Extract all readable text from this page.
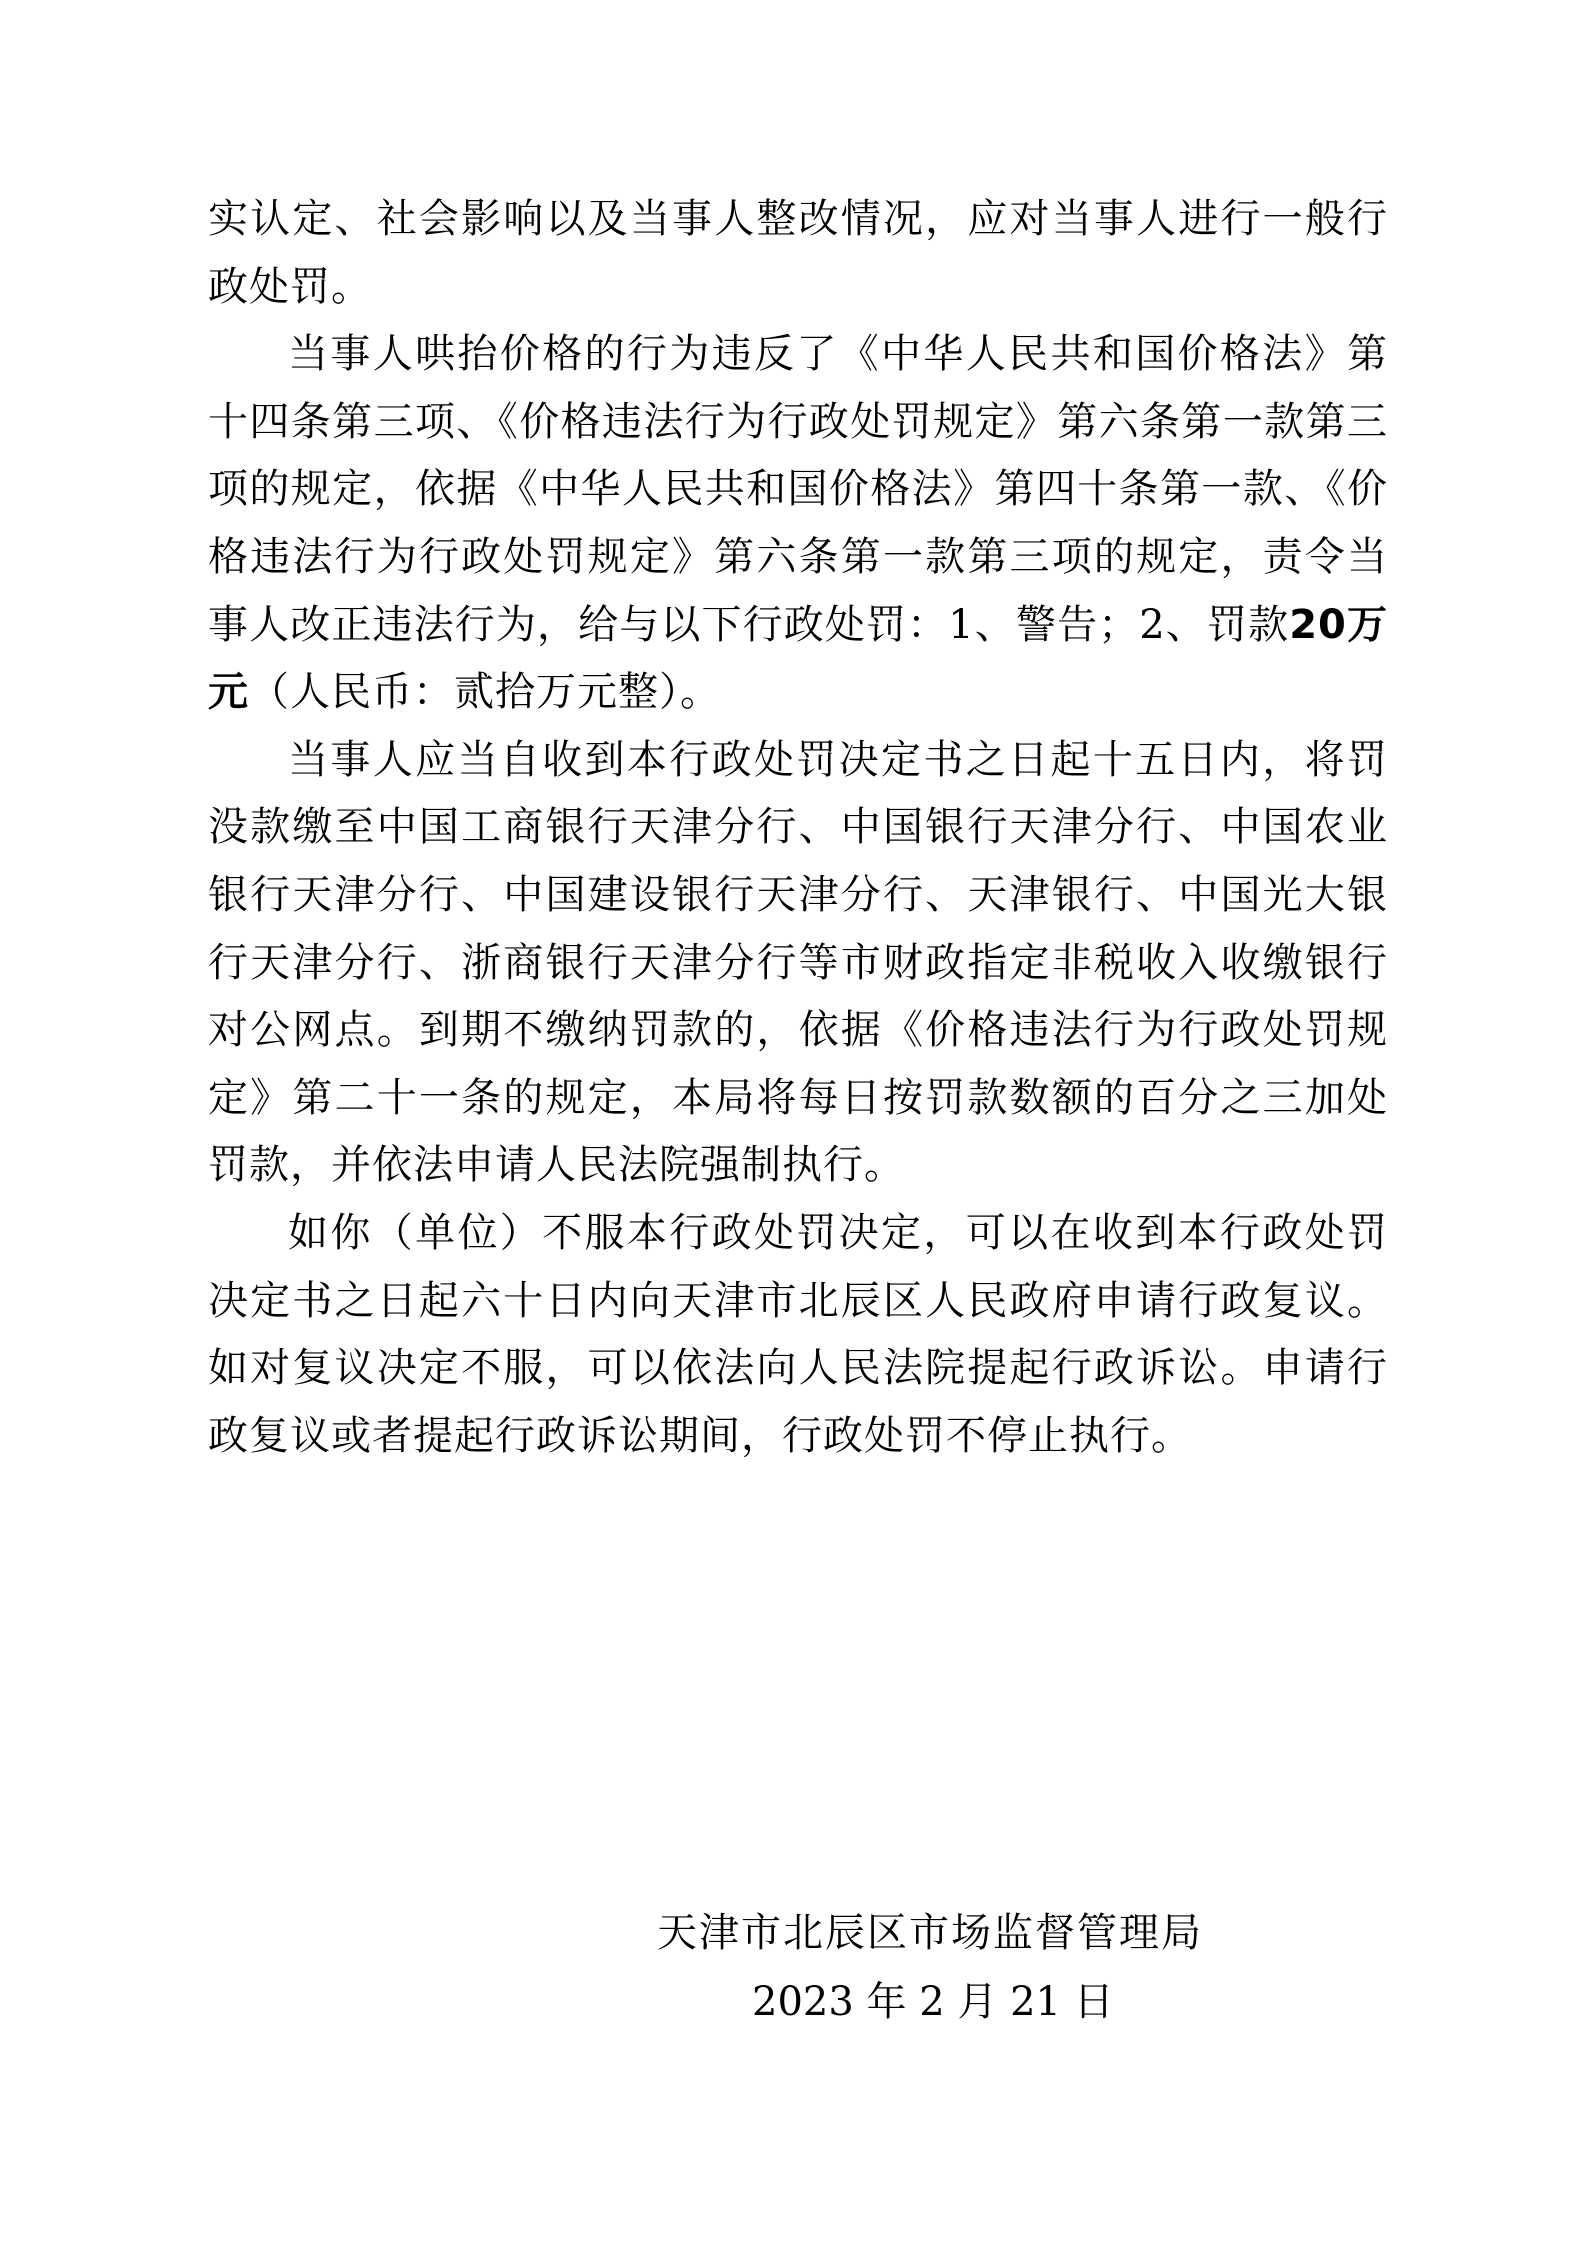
实认定、社会影响以及当事人整改情况，应对当事人进行一般行政处罚。

当事人哄抬价格的行为违反了《中华人民共和国价格法》第十四条第三项、《价格违法行为行政处罚规定》第六条第一款第三项的规定，依据《中华人民共和国价格法》第四十条第一款、《价格违法行为行政处罚规定》第六条第一款第三项的规定，责令当事人改正违法行为，给与以下行政处罚：1、警告；2、罚款20万元（人民币：贰拾万元整）。

当事人应当自收到本行政处罚决定书之日起十五日内，将罚没款缴至中国工商银行天津分行、中国银行天津分行、中国农业银行天津分行、中国建设银行天津分行、天津银行、中国光大银行天津分行、浙商银行天津分行等市财政指定非税收入收缴银行对公网点。到期不缴纳罚款的，依据《价格违法行为行政处罚规定》第二十一条的规定，本局将每日按罚款数额的百分之三加处罚款，并依法申请人民法院强制执行。

如你（单位）不服本行政处罚决定，可以在收到本行政处罚决定书之日起六十日内向天津市北辰区人民政府申请行政复议。如对复议决定不服，可以依法向人民法院提起行政诉讼。申请行政复议或者提起行政诉讼期间，行政处罚不停止执行。

天津市北辰区市场监督管理局
2023 年 2 月 21 日
